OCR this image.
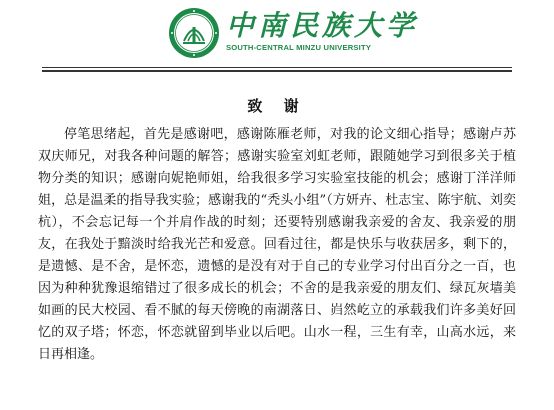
中南民族大学
SOUTH-CENTRAL MINZU UNIVERSITY
致 谢

停笔思绪起，首先是感谢吧，感谢陈雁老师，对我的论文细心指导；感谢卢苏双庆师兄，对我各种问题的解答；感谢实验室刘虹老师，跟随她学习到很多关于植物分类的知识；感谢向妮艳师姐，给我很多学习实验室技能的机会；感谢丁洋洋师姐，总是温柔的指导我实验；感谢我的“秃头小组”（方妍卉、杜志宝、陈宇航、刘奕杭），不会忘记每一个并肩作战的时刻；还要特别感谢我亲爱的舍友、我亲爱的朋友，在我处于黯淡时给我光芒和爱意。回看过往，都是快乐与收获居多，剩下的，是遗憾、是不舍，是怀恋，遗憾的是没有对于自己的专业学习付出百分之一百，也因为种种犹豫退缩错过了很多成长的机会；不舍的是我亲爱的朋友们、绿瓦灰墙美如画的民大校园、看不腻的每天傍晚的南湖落日、岿然屹立的承载我们许多美好回忆的双子塔；怀恋，怀恋就留到毕业以后吧。山水一程，三生有幸，山高水远，来日再相逢。
